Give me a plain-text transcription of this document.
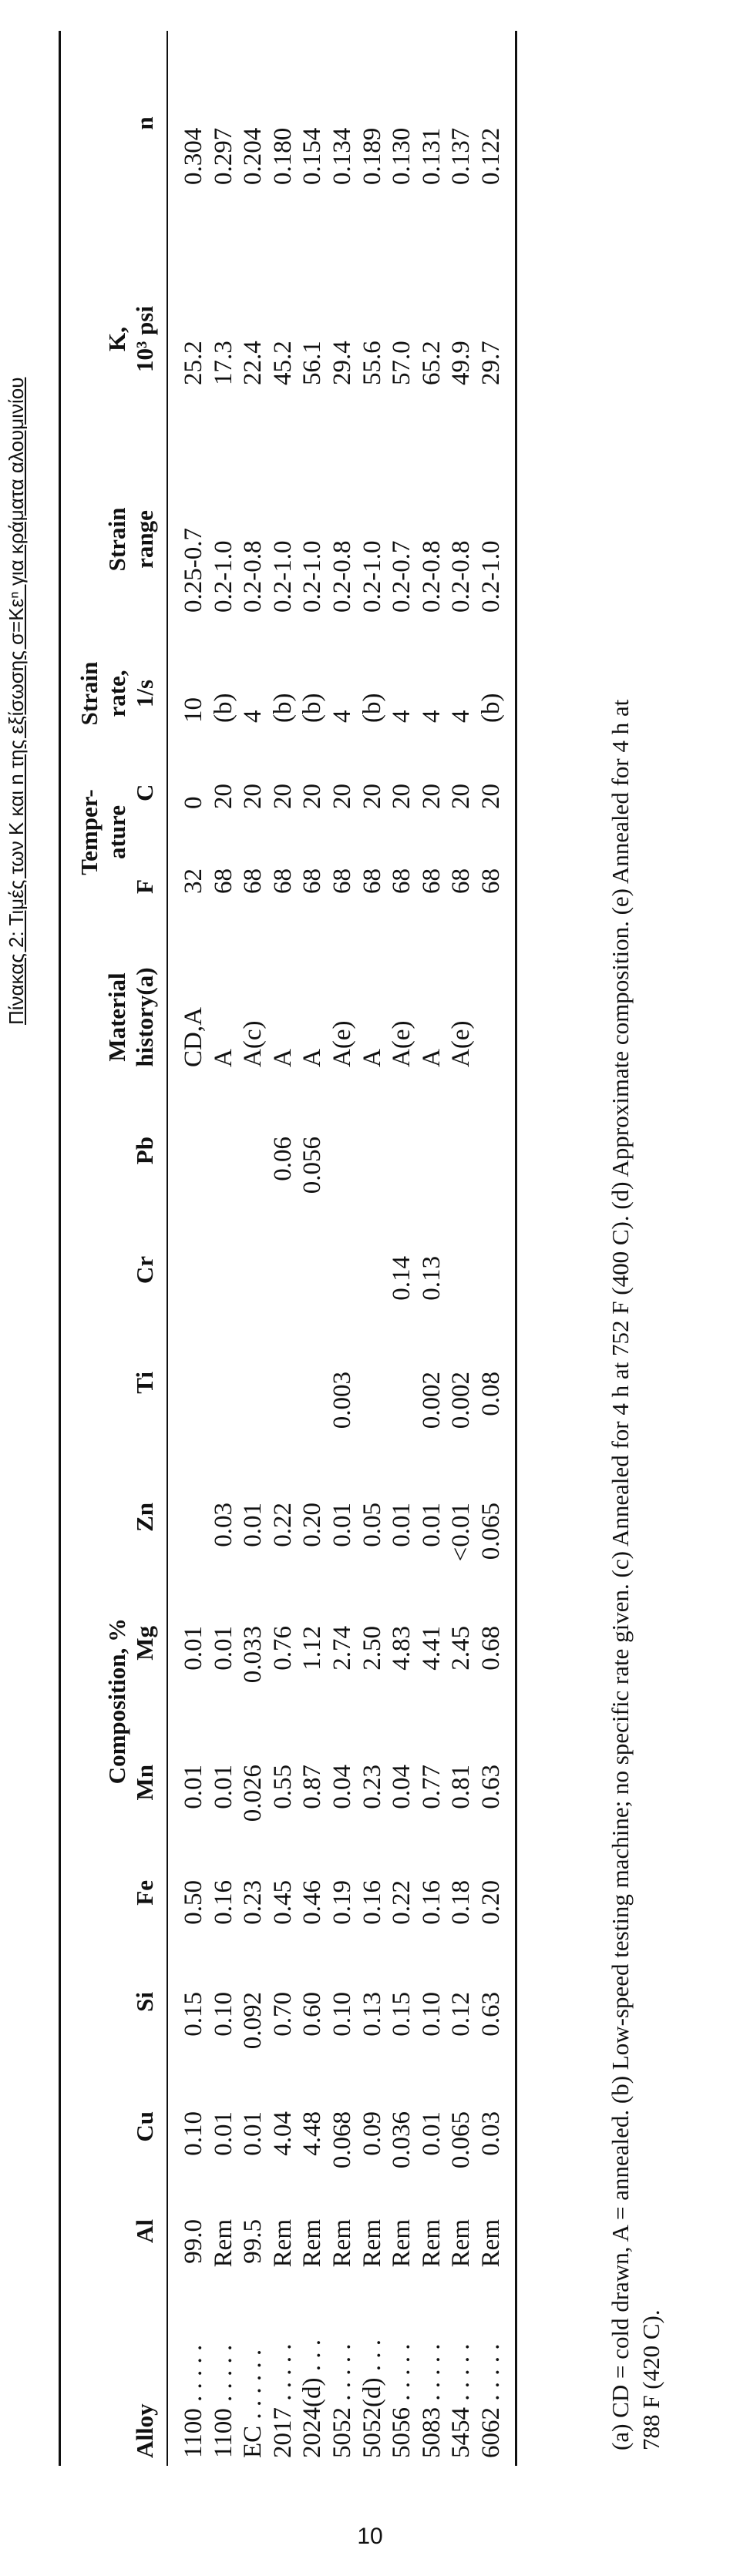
Πίνακας 2: Τιμές των K και n της εξίσωσης σ=Kεⁿ για κράματα αλουμινίου
Alloy
Al
Cu
Si
Fe
Composition, % Mn
Mg
Zn
Ti
Cr
Pb
Material history(a)
Temper- ature
F
C
Strain rate, 1/s
Strain range
K, 10³ psi
n
1100 . . . . . 1100 . . . . . EC . . . . . . 2017 . . . . . 2024(d) . . . 5052 . . . . . 5052(d) . . . 5056 . . . . . 5083 . . . . . 5454 . . . . . 6062 . . . . .
99.0 Rem 99.5 Rem Rem Rem Rem Rem Rem Rem Rem
0.10 0.01 0.01 4.04 4.48 0.068 0.09 0.036 0.01 0.065 0.03
0.15 0.10 0.092 0.70 0.60 0.10 0.13 0.15 0.10 0.12 0.63
0.50 0.16 0.23 0.45 0.46 0.19 0.16 0.22 0.16 0.18 0.20
0.01 0.01 0.026 0.55 0.87 0.04 0.23 0.04 0.77 0.81 0.63
0.01 0.01 0.033 0.76 1.12 2.74 2.50 4.83 4.41 2.45 0.68

0.03 0.01 0.22 0.20 0.01 0.05 0.01 0.01 <0.01 0.065

0.003

0.002 0.002 0.08

0.14 0.13

0.06 0.056

CD,A A A(c) A A A(e) A A(e) A A(e)

32 68 68 68 68 68 68 68 68 68 68
0 20 20 20 20 20 20 20 20 20 20
10 (b) 4 (b) (b) 4 (b) 4 4 4 (b)
0.25-0.7 0.2-1.0 0.2-0.8 0.2-1.0 0.2-1.0 0.2-0.8 0.2-1.0 0.2-0.7 0.2-0.8 0.2-0.8 0.2-1.0
25.2 17.3 22.4 45.2 56.1 29.4 55.6 57.0 65.2 49.9 29.7
0.304 0.297 0.204 0.180 0.154 0.134 0.189 0.130 0.131 0.137 0.122
(a) CD = cold drawn, A = annealed. (b) Low-speed testing machine; no specific rate given. (c) Annealed for 4 h at 752 F (400 C). (d) Approximate composition. (e) Annealed for 4 h at 788 F (420 C).
10
